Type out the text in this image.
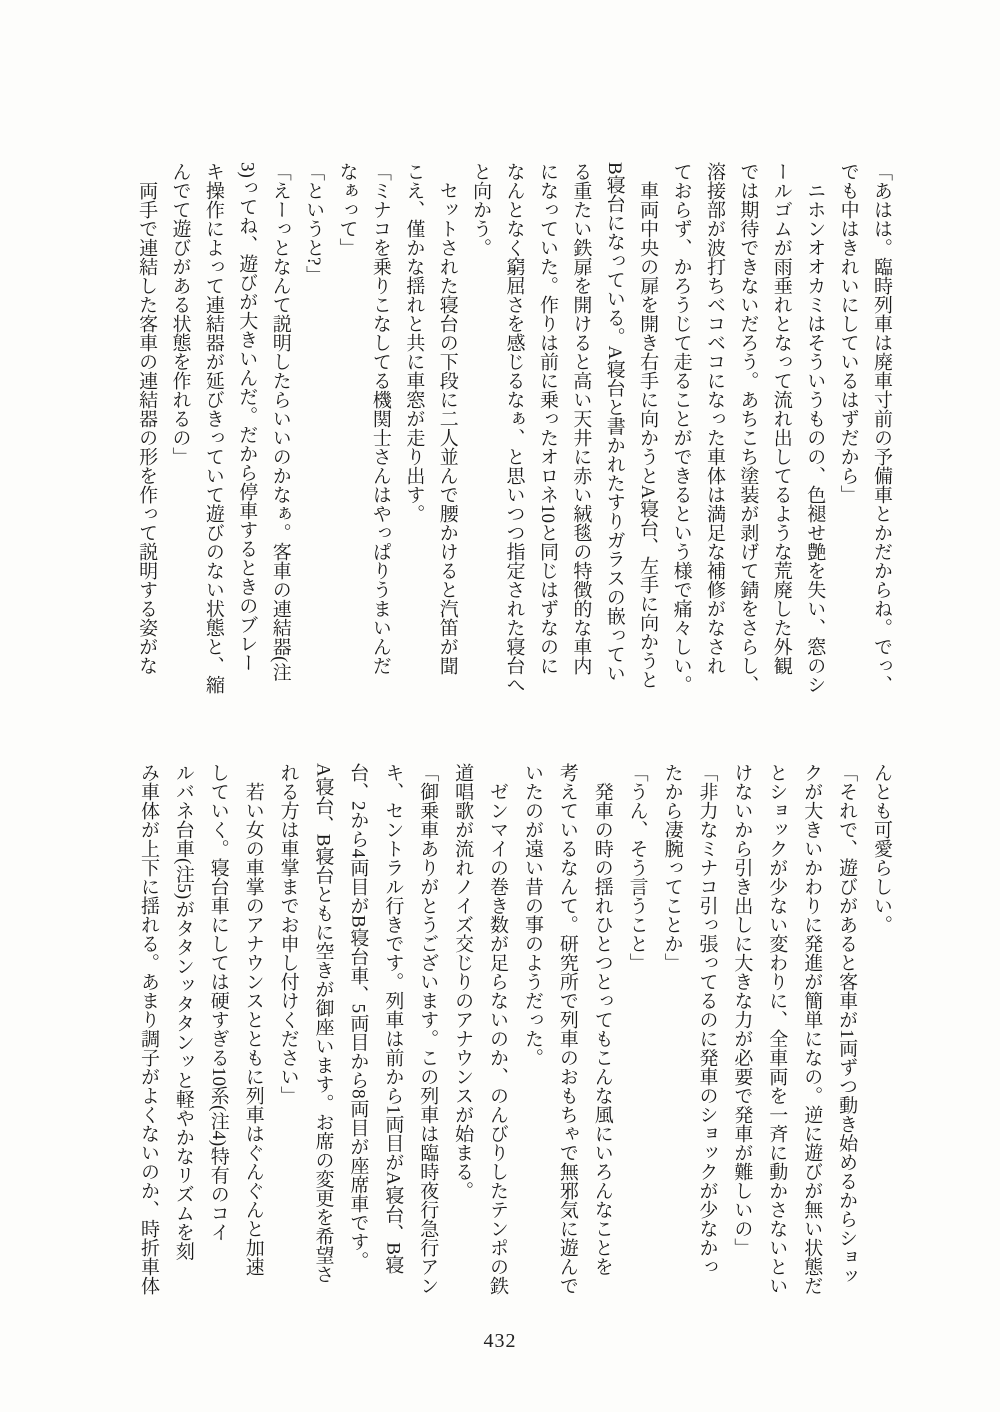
「あはは。臨時列車は廃車寸前の予備車とかだからね。でっ、
でも中はきれいにしているはずだから」
ニホンオオカミはそういうものの、色褪せ艶を失い、窓のシ
ールゴムが雨垂れとなって流れ出してるような荒廃した外観
では期待できないだろう。あちこち塗装が剥げて錆をさらし、
溶接部が波打ちベコベコになった車体は満足な補修がなされ
ておらず、かろうじて走ることができるという様で痛々しい。
車両中央の扉を開き右手に向かうとA寝台、左手に向かうと
B寝台になっている。A寝台と書かれたすりガラスの嵌ってい
る重たい鉄扉を開けると高い天井に赤い絨毯の特徴的な車内
になっていた。作りは前に乗ったオロネ10と同じはずなのに
なんとなく窮屈さを感じるなぁ、と思いつつ指定された寝台へ
と向かう。
セットされた寝台の下段に二人並んで腰かけると汽笛が聞
こえ、僅かな揺れと共に車窓が走り出す。
「ミナコを乗りこなしてる機関士さんはやっぱりうまいんだ
なぁって」
「というと?」
「えーっとなんて説明したらいいのかなぁ。客車の連結器(注
3)ってね、遊びが大きいんだ。だから停車するときのブレー
キ操作によって連結器が延びきっていて遊びのない状態と、縮
んでて遊びがある状態を作れるの」
両手で連結した客車の連結器の形を作って説明する姿がな
んとも可愛らしい。
「それで、遊びがあると客車が1両ずつ動き始めるからショッ
クが大きいかわりに発進が簡単になの。逆に遊びが無い状態だ
とショックが少ない変わりに、全車両を一斉に動かさないとい
けないから引き出しに大きな力が必要で発車が難しいの」
「非力なミナコ引っ張ってるのに発車のショックが少なかっ
たから凄腕ってことか」
「うん、そう言うこと」
発車の時の揺れひとつとってもこんな風にいろんなことを
考えているなんて。研究所で列車のおもちゃで無邪気に遊んで
いたのが遠い昔の事のようだった。
ゼンマイの巻き数が足らないのか、のんびりしたテンポの鉄
道唱歌が流れノイズ交じりのアナウンスが始まる。
「御乗車ありがとうございます。この列車は臨時夜行急行アン
キ、セントラル行きです。列車は前から1両目がA寝台、B寝
台、2から4両目がB寝台車、5両目から8両目が座席車です。
A寝台、B寝台ともに空きが御座います。お席の変更を希望さ
れる方は車掌までお申し付けください」
若い女の車掌のアナウンスとともに列車はぐんぐんと加速
していく。寝台車にしては硬すぎる10系(注4)特有のコイ
ルバネ台車(注5)がタタンッタタンッと軽やかなリズムを刻
み車体が上下に揺れる。あまり調子がよくないのか、時折車体
432
